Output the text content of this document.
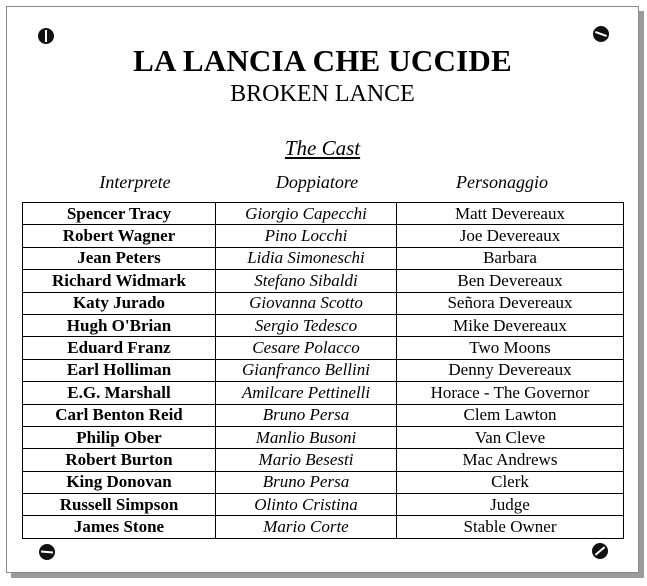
LA LANCIA CHE UCCIDE
BROKEN LANCE
The Cast
Interprete	Doppiatore	Personaggio
Spencer Tracy	Giorgio Capecchi	Matt Devereaux
Robert Wagner	Pino Locchi	Joe Devereaux
Jean Peters	Lidia Simoneschi	Barbara
Richard Widmark	Stefano Sibaldi	Ben Devereaux
Katy Jurado	Giovanna Scotto	Señora Devereaux
Hugh O'Brian	Sergio Tedesco	Mike Devereaux
Eduard Franz	Cesare Polacco	Two Moons
Earl Holliman	Gianfranco Bellini	Denny Devereaux
E.G. Marshall	Amilcare Pettinelli	Horace - The Governor
Carl Benton Reid	Bruno Persa	Clem Lawton
Philip Ober	Manlio Busoni	Van Cleve
Robert Burton	Mario Besesti	Mac Andrews
King Donovan	Bruno Persa	Clerk
Russell Simpson	Olinto Cristina	Judge
James Stone	Mario Corte	Stable Owner
